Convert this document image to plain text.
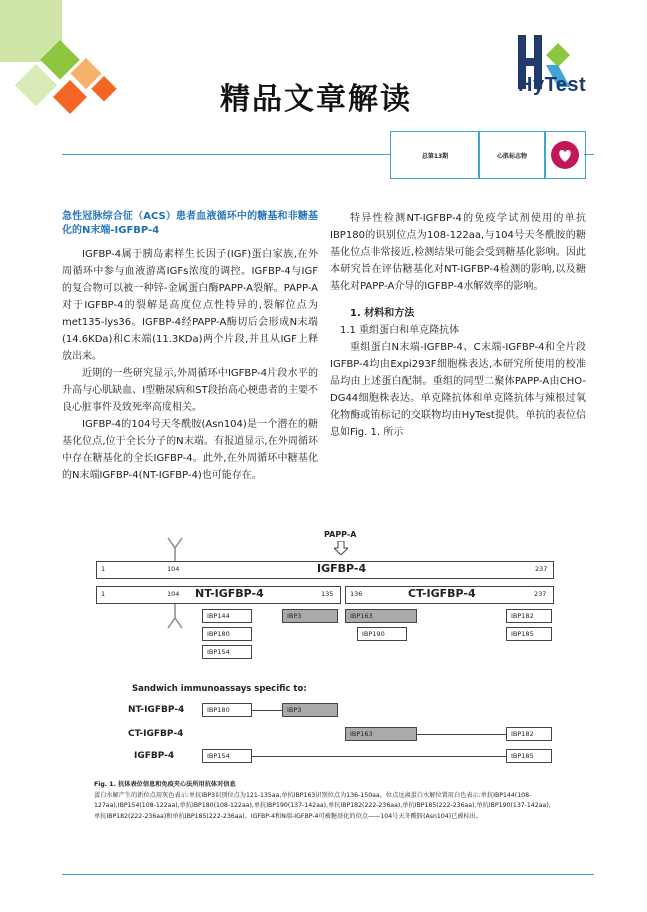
HyTest
精品文章解读
总第13期	心肌标志物
急性冠脉综合征（ACS）患者血液循环中的糖基和非糖基化的N末端-IGFBP-4

IGFBP-4属于胰岛素样生长因子(IGF)蛋白家族,在外周循环中参与血液游离IGFs浓度的调控。IGFBP-4与IGF的复合物可以被一种锌-金属蛋白酶PAPP-A裂解。PAPP-A对于IGFBP-4的裂解是高度位点性特异的,裂解位点为met135-lys36。IGFBP-4经PAPP-A酶切后会形成N末端(14.6KDa)和C末端(11.3KDa)两个片段,并且从IGF上释放出来。

近期的一些研究显示,外周循环中IGFBP-4片段水平的升高与心肌缺血、I型糖尿病和ST段抬高心梗患者的主要不良心脏事件及致死率高度相关。

IGFBP-4的104号天冬酰胺(Asn104)是一个潜在的糖基化位点,位于全长分子的N末端。有报道显示,在外周循环中存在糖基化的全长IGFBP-4。此外,在外周循环中糖基化的N末端IGFBP-4(NT-IGFBP-4)也可能存在。

特异性检测NT-IGFBP-4的免疫学试剂使用的单抗IBP180的识别位点为108-122aa,与104号天冬酰胺的糖基化位点非常接近,检测结果可能会受到糖基化影响。因此本研究旨在评估糖基化对NT-IGFBP-4检测的影响,以及糖基化对PAPP-A介导的IGFBP-4水解效率的影响。

1. 材料和方法

1.1 重组蛋白和单克隆抗体

重组蛋白N末端-IGFBP-4、C末端-IGFBP-4和全片段IGFBP-4均由Expi293F细胞株表达,本研究所使用的校准品均由上述蛋白配制。重组的同型二聚体PAPP-A由CHO-DG44细胞株表达。单克隆抗体和单克隆抗体与辣根过氧化物酶或铕标记的交联物均由HyTest提供。单抗的表位信息如Fig. 1. 所示

PAPP-A
1	104	IGFBP-4	237
1	104 NT-IGFBP-4	135	136	CT-IGFBP-4	237
IBP144
IBP180
IBP154
IBP3	IBP163
IBP190
IBP182
IBP185
Sandwich immunoassays specific to:
NT-IGFBP-4	IBP180	IBP3
CT-IGFBP-4	IBP163	IBP182
IGFBP-4	IBP154	IBP185
Fig. 1. 抗体表位信息和免疫夹心法所用抗体对信息
蛋白水解产生的新位点用灰色表示:单抗IBP3识别位点为121-135aa,单抗IBP163识别位点为136-150aa。位点远离蛋白水解位置用白色表示:单抗IBP144(108-127aa),IBP154(108-122aa),单抗IBP180(108-122aa),单抗IBP190(137-142aa),单抗IBP182(222-236aa),单抗IBP185(222-236aa),单抗IBP190(137-142aa),单抗IBP182(222-236aa)和单抗IBP185(222-236aa)。IGFBP-4和N端-IGFBP-4可被糖基化的位点——104号天冬酰胺(Asn104)已被标出。
